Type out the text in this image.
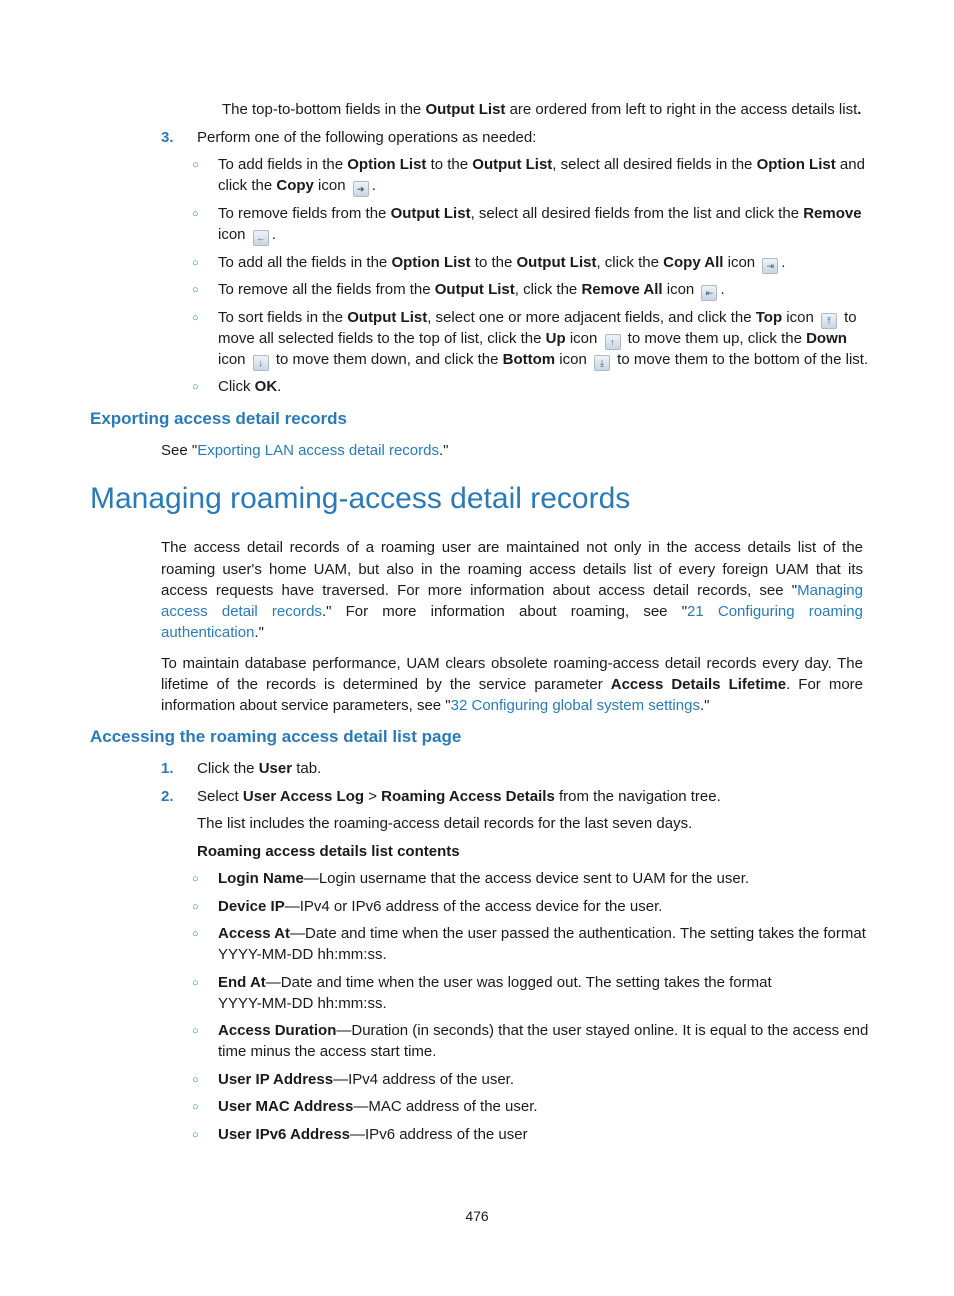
The top-to-bottom fields in the Output List are ordered from left to right in the access details list.
3. Perform one of the following operations as needed:
○ To add fields in the Option List to the Output List, select all desired fields in the Option List and
click the Copy icon ➜ .
○ To remove fields from the Output List, select all desired fields from the list and click the Remove
icon ← .
○ To add all the fields in the Option List to the Output List, click the Copy All icon ⇥ .
○ To remove all the fields from the Output List, click the Remove All icon ⇤ .
○ To sort fields in the Output List, select one or more adjacent fields, and click the Top icon ⤒ to
move all selected fields to the top of list, click the Up icon ↑ to move them up, click the Down
icon ↓ to move them down, and click the Bottom icon ⤓ to move them to the bottom of the list.
○ Click OK.
Exporting access detail records
See "Exporting LAN access detail records."
Managing roaming-access detail records
The access detail records of a roaming user are maintained not only in the access details list of the
roaming user's home UAM, but also in the roaming access details list of every foreign UAM that its
access requests have traversed. For more information about access detail records, see "Managing
access detail records." For more information about roaming, see "21 Configuring roaming
authentication."
To maintain database performance, UAM clears obsolete roaming-access detail records every day. The
lifetime of the records is determined by the service parameter Access Details Lifetime. For more
information about service parameters, see "32 Configuring global system settings."
Accessing the roaming access detail list page
1. Click the User tab.
2. Select User Access Log > Roaming Access Details from the navigation tree.
The list includes the roaming-access detail records for the last seven days.
Roaming access details list contents
○ Login Name—Login username that the access device sent to UAM for the user.
○ Device IP—IPv4 or IPv6 address of the access device for the user.
○ Access At—Date and time when the user passed the authentication. The setting takes the format
YYYY-MM-DD hh:mm:ss.
○ End At—Date and time when the user was logged out. The setting takes the format
YYYY-MM-DD hh:mm:ss.
○ Access Duration—Duration (in seconds) that the user stayed online. It is equal to the access end
time minus the access start time.
○ User IP Address—IPv4 address of the user.
○ User MAC Address—MAC address of the user.
○ User IPv6 Address—IPv6 address of the user
476
